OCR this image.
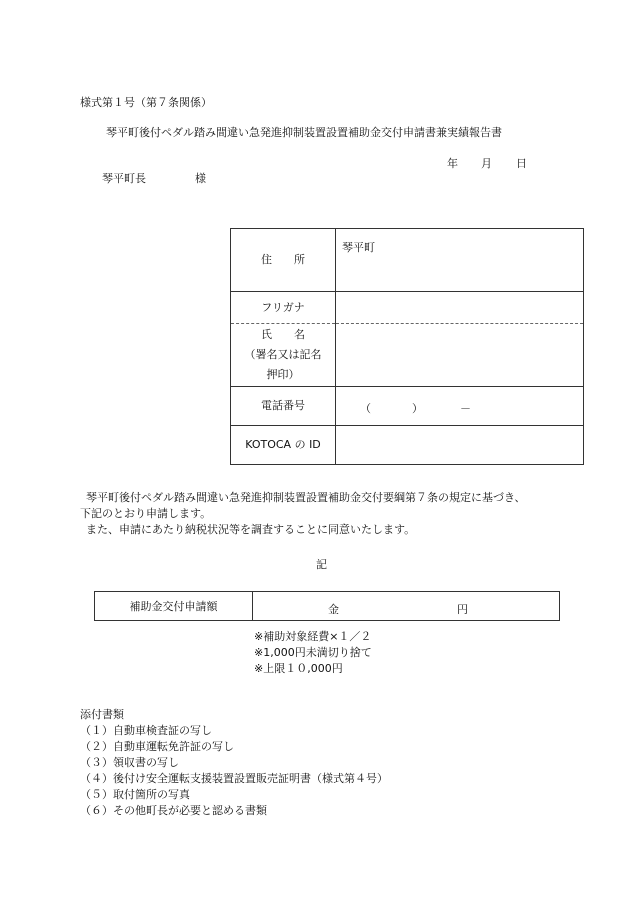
様式第１号（第７条関係）
琴平町後付ペダル踏み間違い急発進抑制装置設置補助金交付申請書兼実績報告書
年 月 日
琴平町長	様
住　　所	琴平町

フリガナ	

氏　　名
（署名又は記名
押印）	

電話番号	（ ） －

KOTOCA の ID	
琴平町後付ペダル踏み間違い急発進抑制装置設置補助金交付要綱第７条の規定に基づき、
下記のとおり申請します。
また、申請にあたり納税状況等を調査することに同意いたします。
記
補助金交付申請額	金	円
※補助対象経費×１／２
※1,000円未満切り捨て
※上限１０,000円
添付書類
（１）自動車検査証の写し
（２）自動車運転免許証の写し
（３）領収書の写し
（４）後付け安全運転支援装置設置販売証明書（様式第４号）
（５）取付箇所の写真
（６）その他町長が必要と認める書類
